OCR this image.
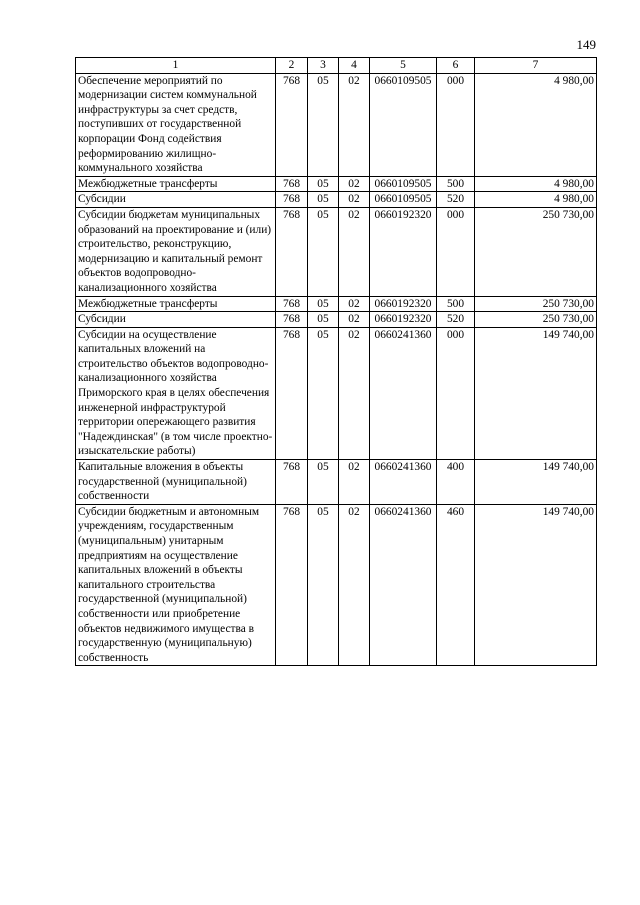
149
1	2	3	4	5	6	7
Обеспечение мероприятий по модернизации систем коммунальной инфраструктуры за счет средств, поступивших от государственной корпорации Фонд содействия реформированию жилищно-коммунального хозяйства	768	05	02	0660109505	000	4 980,00
Межбюджетные трансферты	768	05	02	0660109505	500	4 980,00
Субсидии	768	05	02	0660109505	520	4 980,00
Субсидии бюджетам муниципальных образований на проектирование и (или) строительство, реконструкцию, модернизацию и капитальный ремонт объектов водопроводно-канализационного хозяйства	768	05	02	0660192320	000	250 730,00
Межбюджетные трансферты	768	05	02	0660192320	500	250 730,00
Субсидии	768	05	02	0660192320	520	250 730,00
Субсидии на осуществление капитальных вложений на строительство объектов водопроводно-канализационного хозяйства Приморского края в целях обеспечения инженерной инфраструктурой территории опережающего развития "Надеждинская" (в том числе проектно-изыскательские работы)	768	05	02	0660241360	000	149 740,00
Капитальные вложения в объекты государственной (муниципальной) собственности	768	05	02	0660241360	400	149 740,00
Субсидии бюджетным и автономным учреждениям, государственным (муниципальным) унитарным предприятиям на осуществление капитальных вложений в объекты капитального строительства государственной (муниципальной) собственности или приобретение объектов недвижимого имущества в государственную (муниципальную) собственность	768	05	02	0660241360	460	149 740,00
